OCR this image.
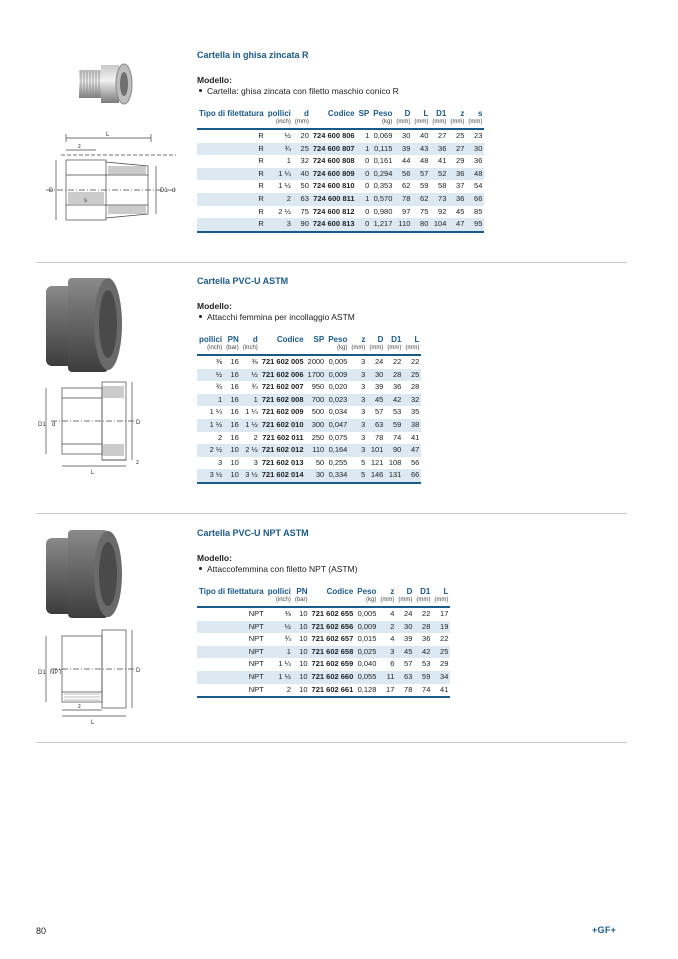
L
z
D	D1 d
s

Cartella in ghisa zincata R

Modello:
Cartella: ghisa zincata con filetto maschio conico R
Tipo di filettatura	pollici	d	Codice	SP	Peso	D	L	D1	z	s
	(inch)	(mm)			(kg)	(mm)	(mm)	(mm)	(mm)	(mm)
R	½	20	724 600 806	1	0,069	30	40	27	25	23
R	¾	25	724 600 807	1	0,115	39	43	36	27	30
R	1	32	724 600 808	0	0,161	44	48	41	29	36
R	1 ¼	40	724 600 809	0	0,294	56	57	52	36	48
R	1 ½	50	724 600 810	0	0,353	62	59	58	37	54
R	2	63	724 600 811	1	0,570	78	62	73	36	66
R	2 ½	75	724 600 812	0	0,980	97	75	92	45	85
R	3	90	724 600 813	0	1,217	110	80	104	47	95
D1 d	D
L
z

Cartella PVC-U ASTM

Modello:
Attacchi femmina per incollaggio ASTM
pollici	PN	d	Codice	SP	Peso	z	D	D1	L
(inch)	(bar)	(inch)			(kg)	(mm)	(mm)	(mm)	(mm)
⅜	16	⅜	721 602 005	2000	0,005	3	24	22	22
½	16	½	721 602 006	1700	0,009	3	30	28	25
¾	16	¾	721 602 007	950	0,020	3	39	36	28
1	16	1	721 602 008	700	0,023	3	45	42	32
1 ¼	16	1 ¼	721 602 009	500	0,034	3	57	53	35
1 ½	16	1 ½	721 602 010	300	0,047	3	63	59	38
2	16	2	721 602 011	250	0,075	3	78	74	41
2 ½	10	2 ½	721 602 012	110	0,164	3	101	90	47
3	10	3	721 602 013	50	0,255	5	121	108	56
3 ½	10	3 ½	721 602 014	30	0,334	5	146	131	66
D1 NPT	D
L
z

Cartella PVC-U NPT ASTM

Modello:
Attaccofemmina con filetto NPT (ASTM)
Tipo di filettatura	pollici	PN	Codice	Peso	z	D	D1	L
	(inch)	(bar)		(kg)	(mm)	(mm)	(mm)	(mm)
NPT	⅜	10	721 602 655	0,005	4	24	22	17
NPT	½	10	721 602 656	0,009	2	30	28	19
NPT	¾	10	721 602 657	0,015	4	39	36	22
NPT	1	10	721 602 658	0,025	3	45	42	25
NPT	1 ¼	10	721 602 659	0,040	6	57	53	29
NPT	1 ½	10	721 602 660	0,055	11	63	59	34
NPT	2	10	721 602 661	0,128	17	78	74	41
80	+GF+
